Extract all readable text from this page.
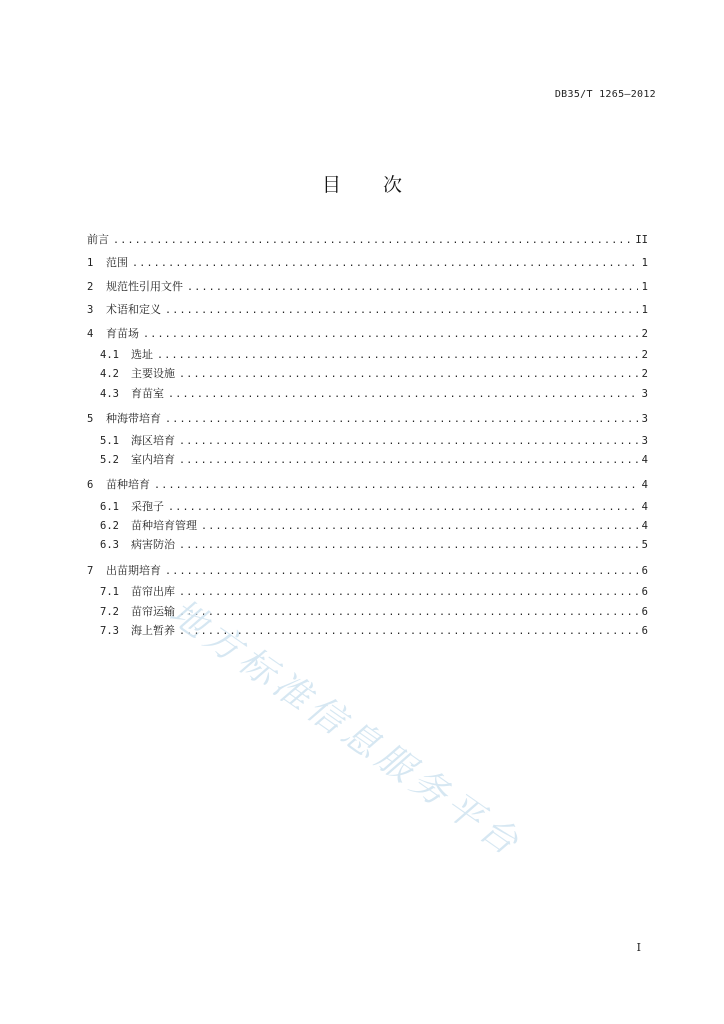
DB35/T 1265—2012
目 次
前言 .....	II
1	范围 .....	1
2	规范性引用文件 .....	1
3	术语和定义 .....	1
4	育苗场 .....	2
4.1	选址 .....	2
4.2	主要设施 .....	2
4.3	育苗室 .....	3
5	种海带培育 .....	3
5.1	海区培育 .....	3
5.2	室内培育 .....	4
6	苗种培育 .....	4
6.1	采孢子 .....	4
6.2	苗种培育管理 .....	4
6.3	病害防治 .....	5
7	出苗期培育 .....	6
7.1	苗帘出库 .....	6
7.2	苗帘运输 .....	6
7.3	海上暂养 .....	6
地方标准信息服务平台
I
